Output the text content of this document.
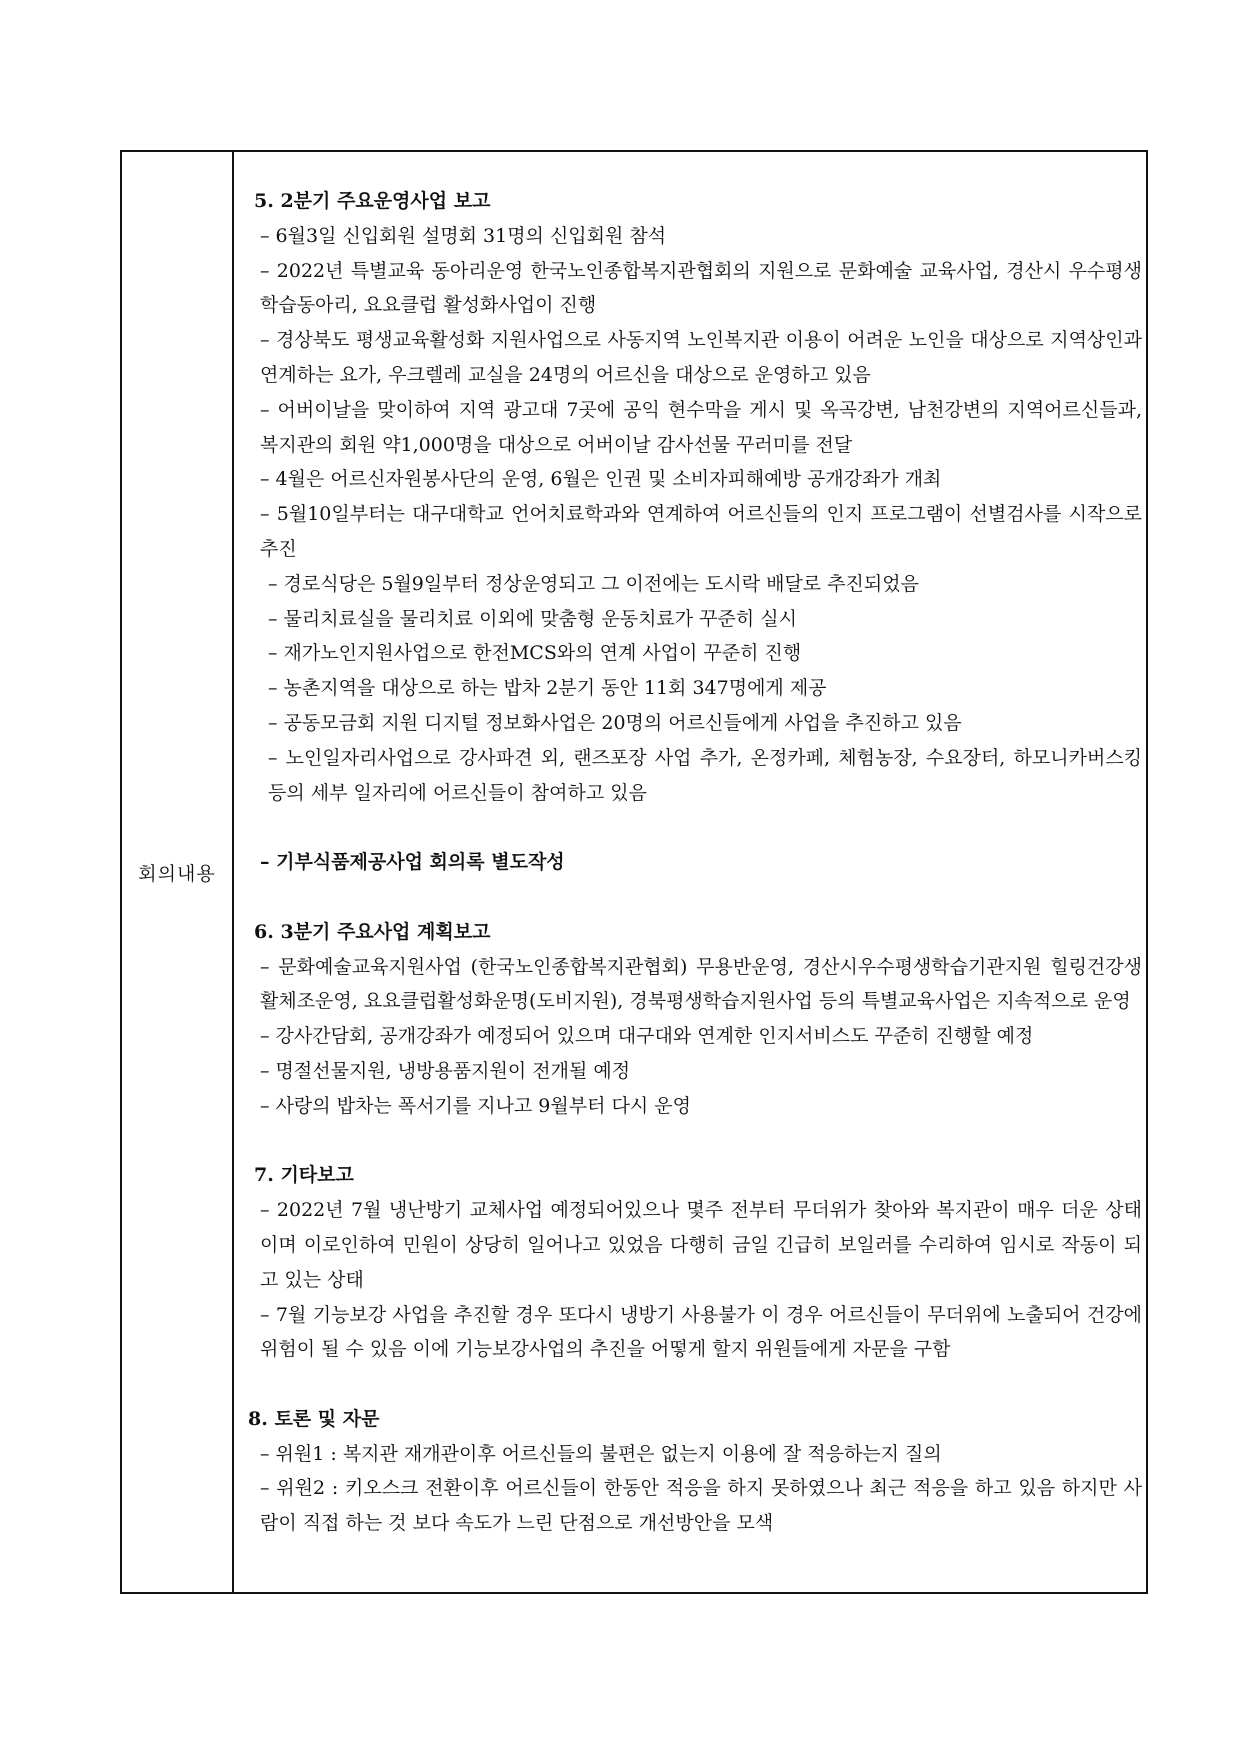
회의내용
5. 2분기 주요운영사업 보고
– 6월3일 신입회원 설명회 31명의 신입회원 참석
– 2022년 특별교육 동아리운영 한국노인종합복지관협회의 지원으로 문화예술 교육사업, 경산시 우수평생학습동아리, 요요클럽 활성화사업이 진행
– 경상북도 평생교육활성화 지원사업으로 사동지역 노인복지관 이용이 어려운 노인을 대상으로 지역상인과 연계하는 요가, 우크렐레 교실을 24명의 어르신을 대상으로 운영하고 있음
– 어버이날을 맞이하여 지역 광고대 7곳에 공익 현수막을 게시 및 옥곡강변, 남천강변의 지역어르신들과, 복지관의 회원 약1,000명을 대상으로 어버이날 감사선물 꾸러미를 전달
– 4월은 어르신자원봉사단의 운영, 6월은 인권 및 소비자피해예방 공개강좌가 개최
– 5월10일부터는 대구대학교 언어치료학과와 연계하여 어르신들의 인지 프로그램이 선별검사를 시작으로 추진
– 경로식당은 5월9일부터 정상운영되고 그 이전에는 도시락 배달로 추진되었음
– 물리치료실을 물리치료 이외에 맞춤형 운동치료가 꾸준히 실시
– 재가노인지원사업으로 한전MCS와의 연계 사업이 꾸준히 진행
– 농촌지역을 대상으로 하는 밥차 2분기 동안 11회 347명에게 제공
– 공동모금회 지원 디지털 정보화사업은 20명의 어르신들에게 사업을 추진하고 있음
– 노인일자리사업으로 강사파견 외, 랜즈포장 사업 추가, 온정카페, 체험농장, 수요장터, 하모니카버스킹 등의 세부 일자리에 어르신들이 참여하고 있음
– 기부식품제공사업 회의록 별도작성
6. 3분기 주요사업 계획보고
– 문화예술교육지원사업 (한국노인종합복지관협회) 무용반운영, 경산시우수평생학습기관지원 힐링건강생활체조운영, 요요클럽활성화운명(도비지원), 경북평생학습지원사업 등의 특별교육사업은 지속적으로 운영
– 강사간담회, 공개강좌가 예정되어 있으며 대구대와 연계한 인지서비스도 꾸준히 진행할 예정
– 명절선물지원, 냉방용품지원이 전개될 예정
– 사랑의 밥차는 폭서기를 지나고 9월부터 다시 운영
7. 기타보고
– 2022년 7월 냉난방기 교체사업 예정되어있으나 몇주 전부터 무더위가 찾아와 복지관이 매우 더운 상태이며 이로인하여 민원이 상당히 일어나고 있었음 다행히 금일 긴급히 보일러를 수리하여 임시로 작동이 되고 있는 상태
– 7월 기능보강 사업을 추진할 경우 또다시 냉방기 사용불가 이 경우 어르신들이 무더위에 노출되어 건강에 위험이 될 수 있음 이에 기능보강사업의 추진을 어떻게 할지 위원들에게 자문을 구함
8. 토론 및 자문
– 위원1 : 복지관 재개관이후 어르신들의 불편은 없는지 이용에 잘 적응하는지 질의
– 위원2 : 키오스크 전환이후 어르신들이 한동안 적응을 하지 못하였으나 최근 적응을 하고 있음 하지만 사람이 직접 하는 것 보다 속도가 느린 단점으로 개선방안을 모색
